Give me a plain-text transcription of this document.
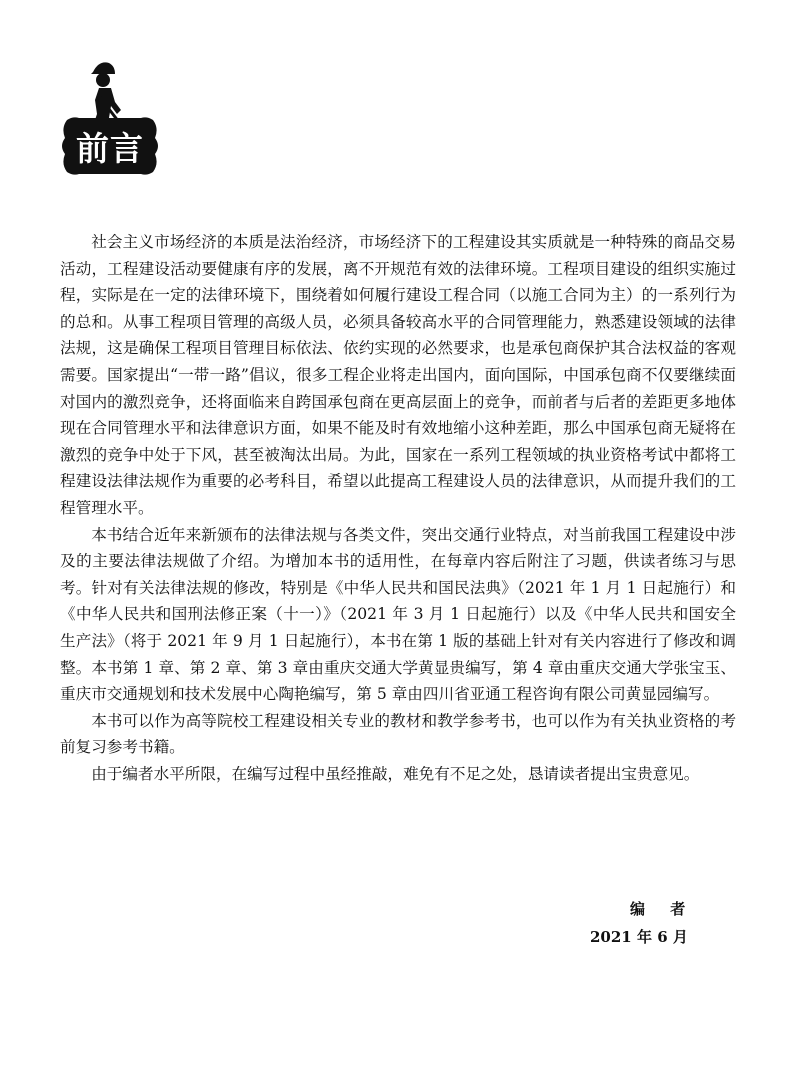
前言

社会主义市场经济的本质是法治经济，市场经济下的工程建设其实质就是一种特殊的商品交易活动，工程建设活动要健康有序的发展，离不开规范有效的法律环境。工程项目建设的组织实施过程，实际是在一定的法律环境下，围绕着如何履行建设工程合同（以施工合同为主）的一系列行为的总和。从事工程项目管理的高级人员，必须具备较高水平的合同管理能力，熟悉建设领域的法律法规，这是确保工程项目管理目标依法、依约实现的必然要求，也是承包商保护其合法权益的客观需要。国家提出“一带一路”倡议，很多工程企业将走出国内，面向国际，中国承包商不仅要继续面对国内的激烈竞争，还将面临来自跨国承包商在更高层面上的竞争，而前者与后者的差距更多地体现在合同管理水平和法律意识方面，如果不能及时有效地缩小这种差距，那么中国承包商无疑将在激烈的竞争中处于下风，甚至被淘汰出局。为此，国家在一系列工程领域的执业资格考试中都将工程建设法律法规作为重要的必考科目，希望以此提高工程建设人员的法律意识，从而提升我们的工程管理水平。

本书结合近年来新颁布的法律法规与各类文件，突出交通行业特点，对当前我国工程建设中涉及的主要法律法规做了介绍。为增加本书的适用性，在每章内容后附注了习题，供读者练习与思考。针对有关法律法规的修改，特别是《中华人民共和国民法典》（2021 年 1 月 1 日起施行）和《中华人民共和国刑法修正案（十一）》（2021 年 3 月 1 日起施行）以及《中华人民共和国安全生产法》（将于 2021 年 9 月 1 日起施行），本书在第 1 版的基础上针对有关内容进行了修改和调整。本书第 1 章、第 2 章、第 3 章由重庆交通大学黄显贵编写，第 4 章由重庆交通大学张宝玉、重庆市交通规划和技术发展中心陶艳编写，第 5 章由四川省亚通工程咨询有限公司黄显园编写。

本书可以作为高等院校工程建设相关专业的教材和教学参考书，也可以作为有关执业资格的考前复习参考书籍。

由于编者水平所限，在编写过程中虽经推敲，难免有不足之处，恳请读者提出宝贵意见。

编 者
2021 年 6 月
